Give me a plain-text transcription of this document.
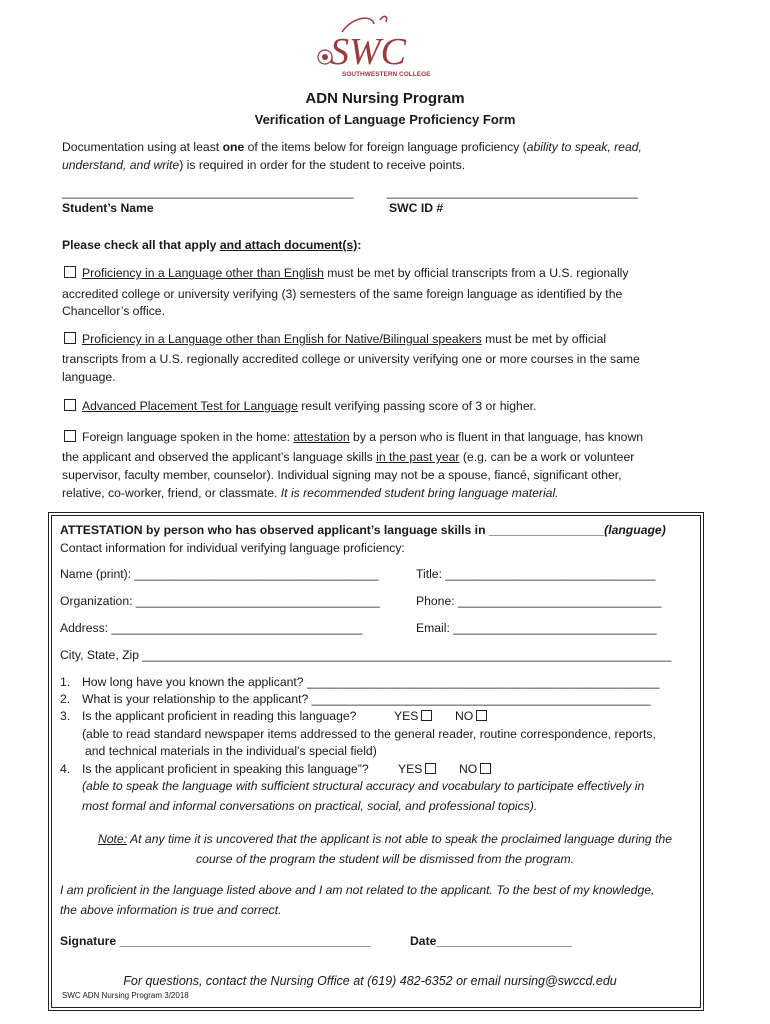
SWC
SOUTHWESTERN COLLEGE
ADN Nursing Program
Verification of Language Proficiency Form
Documentation using at least one of the items below for foreign language proficiency (ability to speak, read,
understand, and write) is required in order for the student to receive points.
___________________________________________	_____________________________________
Student’s Name	SWC ID #
Please check all that apply and attach document(s):
Proficiency in a Language other than English must be met by official transcripts from a U.S. regionally
accredited college or university verifying (3) semesters of the same foreign language as identified by the
Chancellor’s office.
Proficiency in a Language other than English for Native/Bilingual speakers must be met by official
transcripts from a U.S. regionally accredited college or university verifying one or more courses in the same
language.
Advanced Placement Test for Language result verifying passing score of 3 or higher.
Foreign language spoken in the home: attestation by a person who is fluent in that language, has known
the applicant and observed the applicant’s language skills in the past year (e.g. can be a work or volunteer
supervisor, faculty member, counselor). Individual signing may not be a spouse, fiancé, significant other,
relative, co-worker, friend, or classmate. It is recommended student bring language material.
ATTESTATION by person who has observed applicant’s language skills in _________________(language)
Contact information for individual verifying language proficiency:
Name (print): ____________________________________	Title: _______________________________
Organization: ____________________________________	Phone: ______________________________
Address: _____________________________________	Email: ______________________________
City, State, Zip ______________________________________________________________________________
1. How long have you known the applicant? ____________________________________________________
2. What is your relationship to the applicant? __________________________________________________
3. Is the applicant proficient in reading this language?	YES	NO
(able to read standard newspaper items addressed to the general reader, routine correspondence, reports,
and technical materials in the individual’s special field)
4. Is the applicant proficient in speaking this language”? YES	NO
(able to speak the language with sufficient structural accuracy and vocabulary to participate effectively in
most formal and informal conversations on practical, social, and professional topics).
Note: At any time it is uncovered that the applicant is not able to speak the proclaimed language during the
course of the program the student will be dismissed from the program.
I am proficient in the language listed above and I am not related to the applicant. To the best of my knowledge,
the above information is true and correct.
Signature _____________________________________	Date____________________
For questions, contact the Nursing Office at (619) 482-6352 or email nursing@swccd.edu
SWC ADN Nursing Program 3/2018
